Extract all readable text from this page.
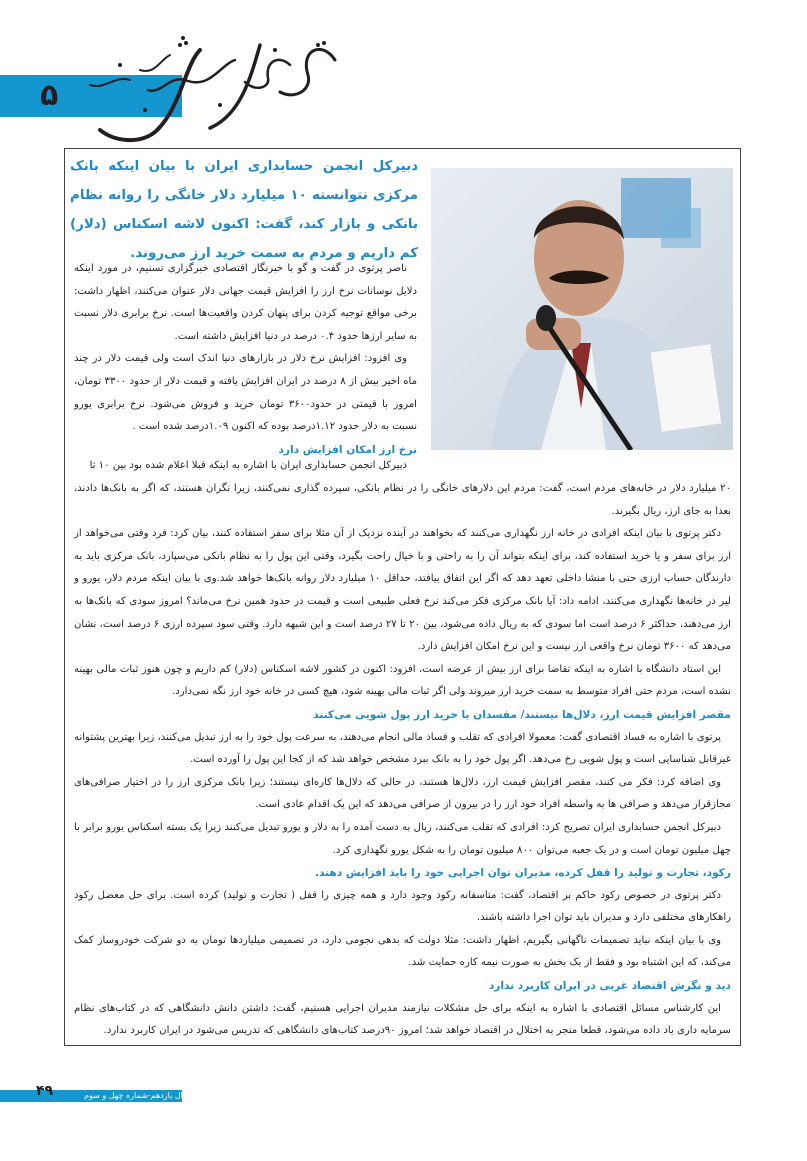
۵
دانش و پژوهش حسابداری

دبیرکل انجمن حسابداری ایران با بیان اینکه بانک مرکزی نتوانسته ۱۰ میلیارد دلار خانگی را روانه نظام بانکی و بازار کند، گفت: اکنون لاشه اسکناس (دلار) کم داریم و مردم به سمت خرید ارز می‌روند.

ناصر پرتوی در گفت و گو با خبرنگار اقتصادی خبرگزاری تسنیم، در مورد اینکه دلایل نوسانات نرخ ارز را افزایش قیمت جهانی دلار عنوان می‌کنند، اظهار داشت: برخی مواقع توجیه کردن برای پنهان کردن واقعیت‌ها است. نرخ برابری دلار نسبت به سایر ارزها حدود ۰.۴ درصد در دنیا افزایش داشته است.

وی افزود: افزایش نرخ دلار در بازارهای دنیا اندک است ولی قیمت دلار در چند ماه اخیر بیش از ۸ درصد در ایران افزایش یافته و قیمت دلار از حدود ۳۳۰۰ تومان، امروز با قیمتی در حدود۳۶۰۰ تومان خرید و فروش می‌شود. نرخ برابری یورو نسبت به دلار حدود ۱.۱۲درصد بوده که اکنون ۱.۰۹درصد شده است .

نرخ ارز امکان افزایش دارد

دبیرکل انجمن حسابداری ایران با اشاره به اینکه قبلا اعلام شده بود بین ۱۰ تا

۲۰ میلیارد دلار در خانه‌های مردم است، گفت: مردم این دلارهای خانگی را در نظام بانکی، سپرده گذاری نمی‌کنند، زیرا نگران هستند، که اگر به بانک‌ها دادند، بعدا به جای ارز، ریال بگیرند.

دکتر پرتوی با بیان اینکه افرادی در خانه ارز نگهداری می‌کنند که بخواهند در آینده نزدیک از آن مثلا برای سفر استفاده کنند، بیان کرد: فرد وقتی می‌خواهد از ارز برای سفر و یا خرید استفاده کند، برای اینکه بتواند آن را به راحتی و با خیال راحت بگیرد، وقتی این پول را به نظام بانکی می‌سپارد، بانک مرکزی باید به دارندگان حساب ارزی حتی با منشا داخلی تعهد دهد که اگر این اتفاق بیافتد، حداقل ۱۰ میلیارد دلار روانه بانک‌ها خواهد شد.وی با بیان اینکه مردم دلار، یورو و لیر در خانه‌ها نگهداری می‌کنند، ادامه داد: آیا بانک مرکزی فکر می‌کند نرخ فعلی طبیعی است و قیمت در حدود همین نرخ می‌ماند؟ امروز سودی که بانک‌ها به ارز می‌دهند، حداکثر ۶ درصد است اما سودی که به ریال داده می‌شود، بین ۲۰ تا ۲۷ درصد است و این شبهه دارد. وقتی سود سپرده ارزی ۶ درصد است، نشان می‌دهد که ۳۶۰۰ تومان نرخ واقعی ارز نیست و این نرخ امکان افزایش دارد.

این استاد دانشگاه با اشاره به اینکه تقاضا برای ارز بیش از عرضه است، افزود: اکنون در کشور لاشه اسکناس (دلار) کم داریم و چون هنوز ثبات مالی بهینه نشده است، مردم حتی افراد متوسط به سمت خرید ارز میروند ولی اگر ثبات مالی بهینه شود، هیچ کسی در خانه خود ارز نگه نمی‌دارد.

مقصر افزایش قیمت ارز، دلال‌ها نیستند/ مفسدان با خرید ارز پول شویی می‌کنند

پرتوی با اشاره به فساد اقتصادی گفت: معمولا افرادی که تقلب و فساد مالی انجام می‌دهند، به سرعت پول خود را به ارز تبدیل می‌کنند، زیرا بهترین پشتوانه غیرقابل شناسایی است و پول شویی رخ می‌دهد. اگر پول خود را به بانک ببرد مشخص خواهد شد که از کجا این پول را آورده است.

وی اضافه کرد: فکر می کنند، مقصر افزایش قیمت ارز، دلال‌ها هستند، در حالی که دلال‌ها کاره‌ای نیستند؛ زیرا بانک مرکزی ارز را در اختیار صرافی‌های مجازقرار می‌دهد و صرافی ها به واسطه افراد خود ارز را در بیرون از صرافی می‌دهد که این یک اقدام عادی است.

دبیرکل انجمن حسابداری ایران تصریح کرد: افرادی که تقلب می‌کنند، ریال به دست آمده را به دلار و یورو تبدیل می‌کنند زیرا یک بسته اسکناس یورو برابر با چهل میلیون تومان است و در یک جعبه می‌توان ۸۰۰ میلیون تومان را به شکل یورو نگهداری کرد.

رکود، تجارت و تولید را قفل کرده، مدیران توان اجرایی خود را باید افزایش دهند.

دکتر پرتوی در خصوص رکود حاکم بر اقتصاد، گفت: متاسفانه رکود وجود دارد و همه چیزی را قفل ( تجارت و تولید) کرده است. برای حل معضل رکود راهکارهای مختلفی دارد و مدیران باید توان اجرا داشته باشند.

وی با بیان اینکه نباید تصمیمات ناگهانی بگیریم، اظهار داشت: مثلا دولت که بدهی نجومی دارد، در تصمیمی میلیاردها تومان به دو شرکت خودروساز کمک می‌کند، که این اشتباه بود و فقط از یک بخش به صورت نیمه کاره حمایت شد.

دید و نگرش اقتصاد غربی در ایران کاربرد ندارد

این کارشناس مسائل اقتصادی با اشاره به اینکه برای حل مشکلات نیازمند مدیران اجرایی هستیم، گفت: داشتن دانش دانشگاهی که در کتاب‌های نظام سرمایه داری یاد داده می‌شود، قطعا منجر به اختلال در اقتصاد خواهد شد؛ امروز ۹۰درصد کتاب‌های دانشگاهی که تدریس می‌شود در ایران کاربرد ندارد.

۴۹	سال یازدهم-شماره چهل و سوم
